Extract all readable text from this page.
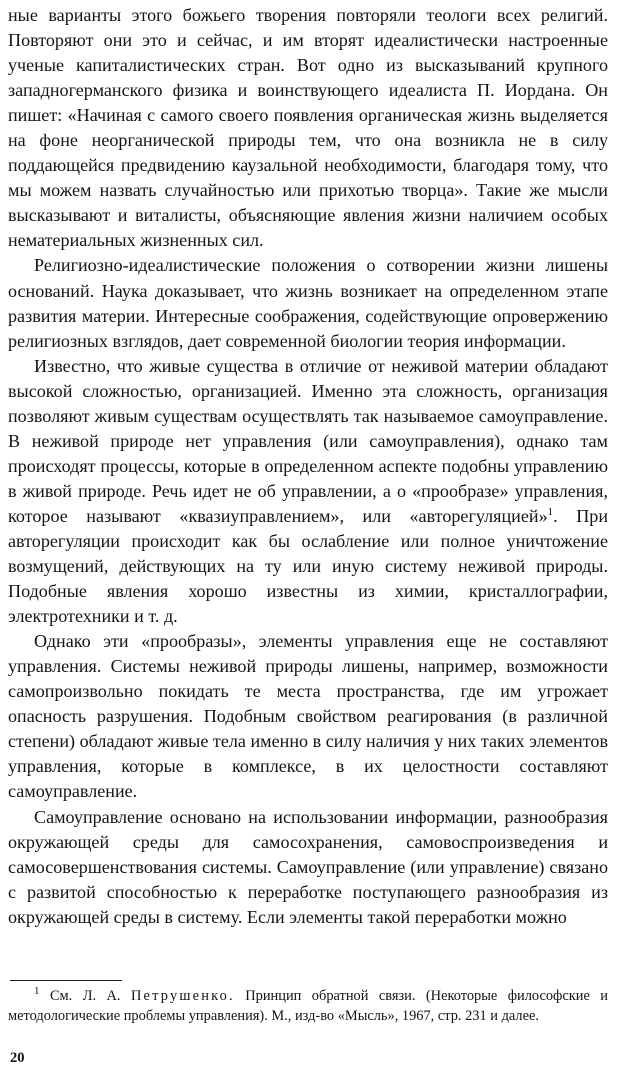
ные варианты этого божьего творения повторяли теологи всех религий. Повторяют они это и сейчас, и им вторят идеалистически настроенные ученые капиталистических стран. Вот одно из высказываний крупного западногерманского физика и воинствующего идеалиста П. Иордана. Он пишет: «Начиная с самого своего появления органическая жизнь выделяется на фоне неорганической природы тем, что она возникла не в силу поддающейся предвидению каузальной необходимости, благодаря тому, что мы можем назвать случайностью или прихотью творца». Такие же мысли высказывают и виталисты, объясняющие явления жизни наличием особых нематериальных жизненных сил.

Религиозно-идеалистические положения о сотворении жизни лишены оснований. Наука доказывает, что жизнь возникает на определенном этапе развития материи. Интересные соображения, содействующие опровержению религиозных взглядов, дает современной биологии теория информации.

Известно, что живые существа в отличие от неживой материи обладают высокой сложностью, организацией. Именно эта сложность, организация позволяют живым существам осуществлять так называемое самоуправление. В неживой природе нет управления (или самоуправления), однако там происходят процессы, которые в определенном аспекте подобны управлению в живой природе. Речь идет не об управлении, а о «прообразе» управления, которое называют «квазиуправлением», или «авторегуляцией»$^1$. При авторегуляции происходит как бы ослабление или полное уничтожение возмущений, действующих на ту или иную систему неживой природы. Подобные явления хорошо известны из химии, кристаллографии, электротехники и т. д.

Однако эти «прообразы», элементы управления еще не составляют управления. Системы неживой природы лишены, например, возможности самопроизвольно покидать те места пространства, где им угрожает опасность разрушения. Подобным свойством реагирования (в различной степени) обладают живые тела именно в силу наличия у них таких элементов управления, которые в комплексе, в их целостности составляют самоуправление.

Самоуправление основано на использовании информации, разнообразия окружающей среды для самосохранения, самовоспроизведения и самосовершенствования системы. Самоуправление (или управление) связано с развитой способностью к переработке поступающего разнообразия из окружающей среды в систему. Если элементы такой переработки можно

$^1$ См. Л. А. Петрушенко. Принцип обратной связи. (Некоторые философские и методологические проблемы управления). М., изд-во «Мысль», 1967, стр. 231 и далее.
20
